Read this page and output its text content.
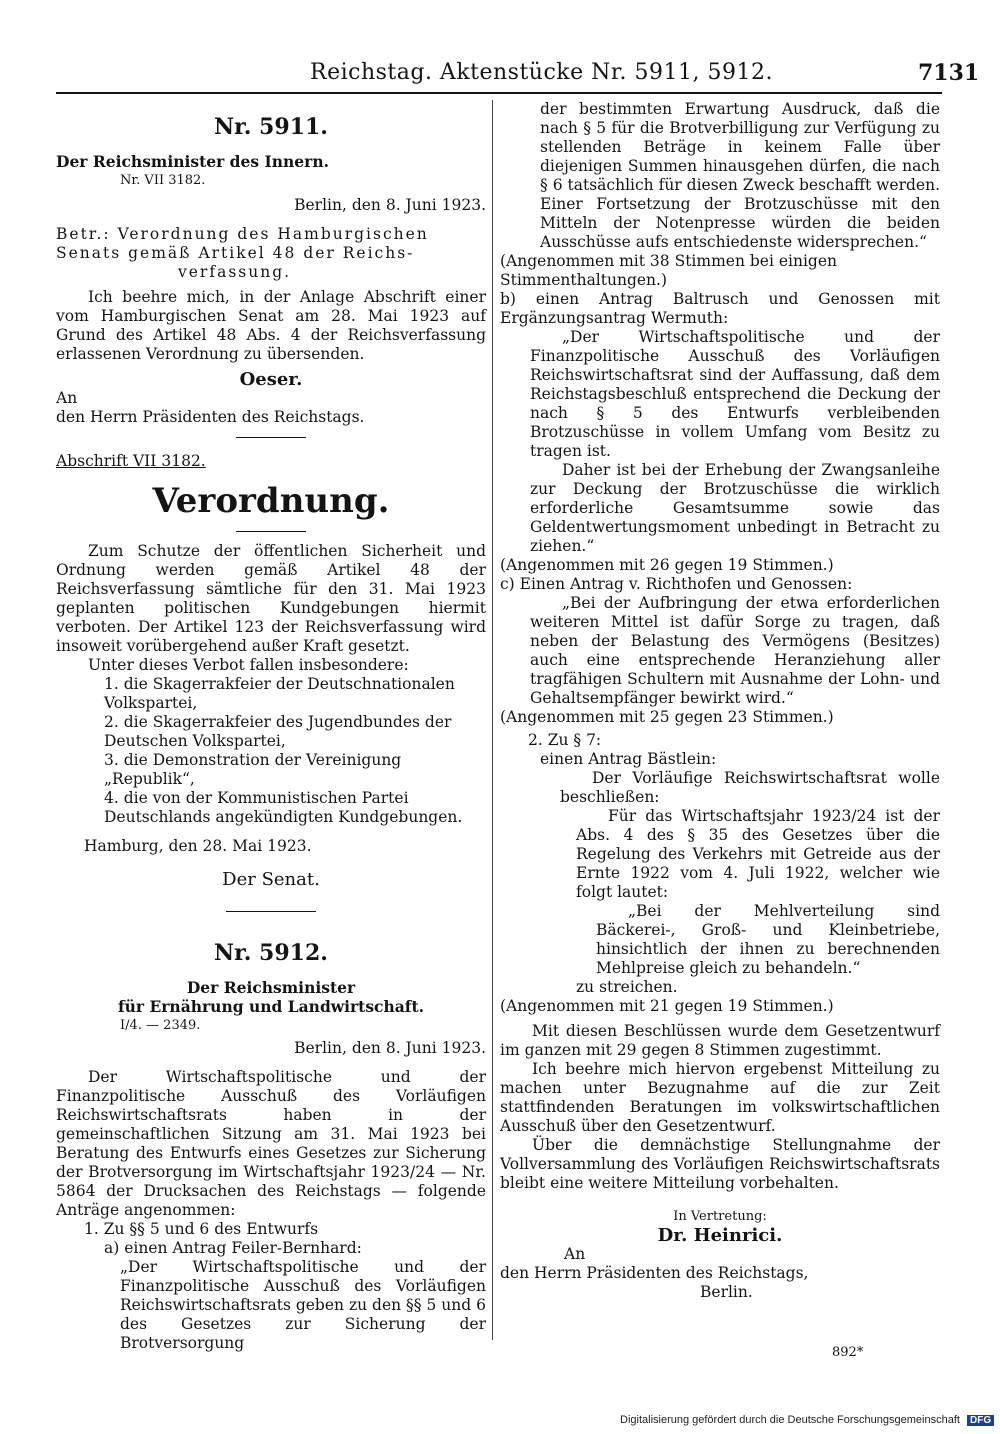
Reichstag. Aktenstücke Nr. 5911, 5912.	7131
Nr. 5911.

Der Reichsminister des Innern.

Nr. VII 3182.

Berlin, den 8. Juni 1923.

Betr.: Verordnung des Hamburgischen

Senats gemäß Artikel 48 der Reichs-

verfassung.

Ich beehre mich, in der Anlage Abschrift einer vom Hamburgischen Senat am 28. Mai 1923 auf Grund des Artikel 48 Abs. 4 der Reichsverfassung erlassenen Verordnung zu übersenden.

Oeser.

An

den Herrn Präsidenten des Reichstags.

Abschrift VII 3182.

Verordnung.

Zum Schutze der öffentlichen Sicherheit und Ordnung werden gemäß Artikel 48 der Reichsverfassung sämtliche für den 31. Mai 1923 geplanten politischen Kundgebungen hiermit verboten. Der Artikel 123 der Reichsverfassung wird insoweit vorübergehend außer Kraft gesetzt.

Unter dieses Verbot fallen insbesondere:

1. die Skagerrakfeier der Deutschnationalen Volkspartei,

2. die Skagerrakfeier des Jugendbundes der Deutschen Volkspartei,

3. die Demonstration der Vereinigung „Republik“,

4. die von der Kommunistischen Partei Deutschlands angekündigten Kundgebungen.

Hamburg, den 28. Mai 1923.

Der Senat.

Nr. 5912.

Der Reichsminister

für Ernährung und Landwirtschaft.

I/4. — 2349.

Berlin, den 8. Juni 1923.

Der Wirtschaftspolitische und der Finanzpolitische Ausschuß des Vorläufigen Reichswirtschaftsrats haben in der gemeinschaftlichen Sitzung am 31. Mai 1923 bei Beratung des Entwurfs eines Gesetzes zur Sicherung der Brotversorgung im Wirtschaftsjahr 1923/24 — Nr. 5864 der Drucksachen des Reichstags — folgende Anträge angenommen:

1. Zu §§ 5 und 6 des Entwurfs

a) einen Antrag Feiler-Bernhard:

„Der Wirtschaftspolitische und der Finanzpolitische Ausschuß des Vorläufigen Reichswirtschaftsrats geben zu den §§ 5 und 6 des Gesetzes zur Sicherung der Brotversorgung

der bestimmten Erwartung Ausdruck, daß die nach § 5 für die Brotverbilligung zur Verfügung zu stellenden Beträge in keinem Falle über diejenigen Summen hinausgehen dürfen, die nach § 6 tatsächlich für diesen Zweck beschafft werden. Einer Fortsetzung der Brotzuschüsse mit den Mitteln der Notenpresse würden die beiden Ausschüsse aufs entschiedenste widersprechen.“

(Angenommen mit 38 Stimmen bei einigen Stimmenthaltungen.)

b) einen Antrag Baltrusch und Genossen mit Ergänzungsantrag Wermuth:

„Der Wirtschaftspolitische und der Finanzpolitische Ausschuß des Vorläufigen Reichswirtschaftsrat sind der Auffassung, daß dem Reichstagsbeschluß entsprechend die Deckung der nach § 5 des Entwurfs verbleibenden Brotzuschüsse in vollem Umfang vom Besitz zu tragen ist.

Daher ist bei der Erhebung der Zwangsanleihe zur Deckung der Brotzuschüsse die wirklich erforderliche Gesamtsumme sowie das Geldentwertungsmoment unbedingt in Betracht zu ziehen.“

(Angenommen mit 26 gegen 19 Stimmen.)

c) Einen Antrag v. Richthofen und Genossen:

„Bei der Aufbringung der etwa erforderlichen weiteren Mittel ist dafür Sorge zu tragen, daß neben der Belastung des Vermögens (Besitzes) auch eine entsprechende Heranziehung aller tragfähigen Schultern mit Ausnahme der Lohn- und Gehaltsempfänger bewirkt wird.“

(Angenommen mit 25 gegen 23 Stimmen.)

2. Zu § 7:

einen Antrag Bästlein:

Der Vorläufige Reichswirtschaftsrat wolle beschließen:

Für das Wirtschaftsjahr 1923/24 ist der Abs. 4 des § 35 des Gesetzes über die Regelung des Verkehrs mit Getreide aus der Ernte 1922 vom 4. Juli 1922, welcher wie folgt lautet:

„Bei der Mehlverteilung sind Bäckerei-, Groß- und Kleinbetriebe, hinsichtlich der ihnen zu berechnenden Mehlpreise gleich zu behandeln.“

zu streichen.

(Angenommen mit 21 gegen 19 Stimmen.)

Mit diesen Beschlüssen wurde dem Gesetzentwurf im ganzen mit 29 gegen 8 Stimmen zugestimmt.

Ich beehre mich hiervon ergebenst Mitteilung zu machen unter Bezugnahme auf die zur Zeit stattfindenden Beratungen im volkswirtschaftlichen Ausschuß über den Gesetzentwurf.

Über die demnächstige Stellungnahme der Vollversammlung des Vorläufigen Reichswirtschaftsrats bleibt eine weitere Mitteilung vorbehalten.

In Vertretung:

Dr. Heinrici.

An

den Herrn Präsidenten des Reichstags,

Berlin.

892*
Digitalisierung gefördert durch die Deutsche Forschungsgemeinschaft DFG
